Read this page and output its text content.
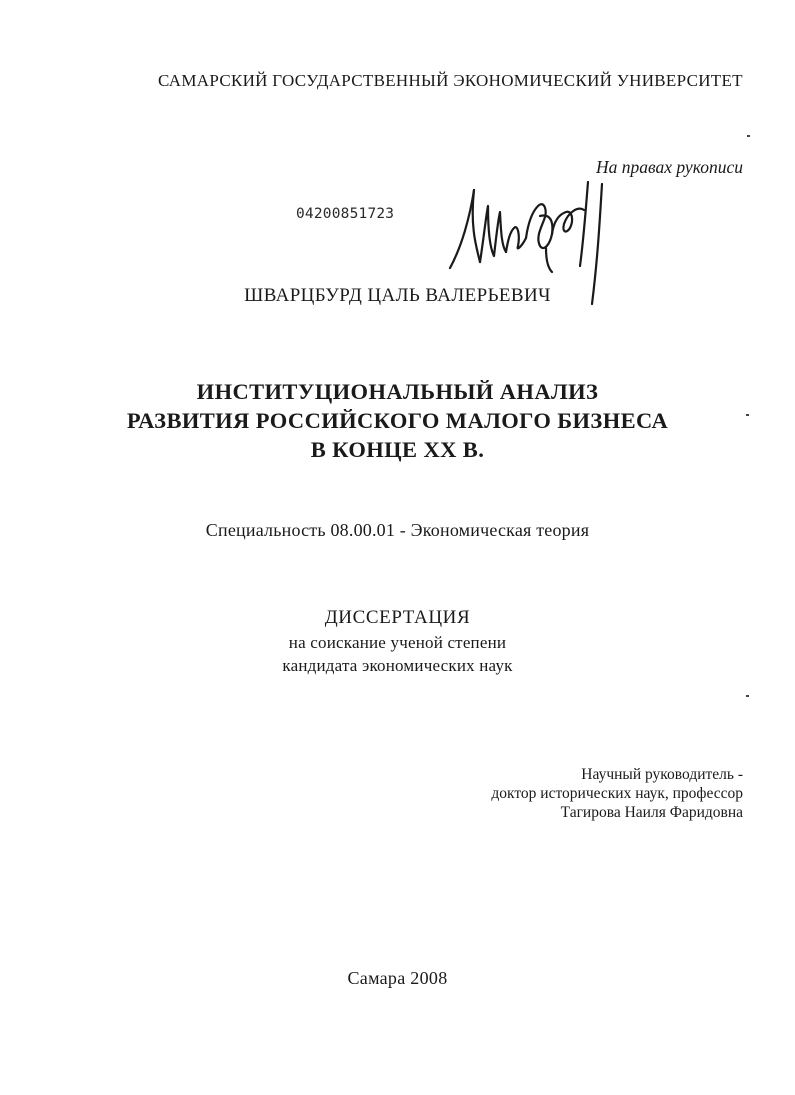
САМАРСКИЙ ГОСУДАРСТВЕННЫЙ ЭКОНОМИЧЕСКИЙ УНИВЕРСИТЕТ
На правах рукописи
04200851723
ШВАРЦБУРД ЦАЛЬ ВАЛЕРЬЕВИЧ
ИНСТИТУЦИОНАЛЬНЫЙ АНАЛИЗ
РАЗВИТИЯ РОССИЙСКОГО МАЛОГО БИЗНЕСА
В КОНЦЕ XX В.
Специальность 08.00.01 - Экономическая теория
ДИССЕРТАЦИЯ
на соискание ученой степени
кандидата экономических наук
Научный руководитель -
доктор исторических наук, профессор
Тагирова Наиля Фаридовна
Самара 2008
